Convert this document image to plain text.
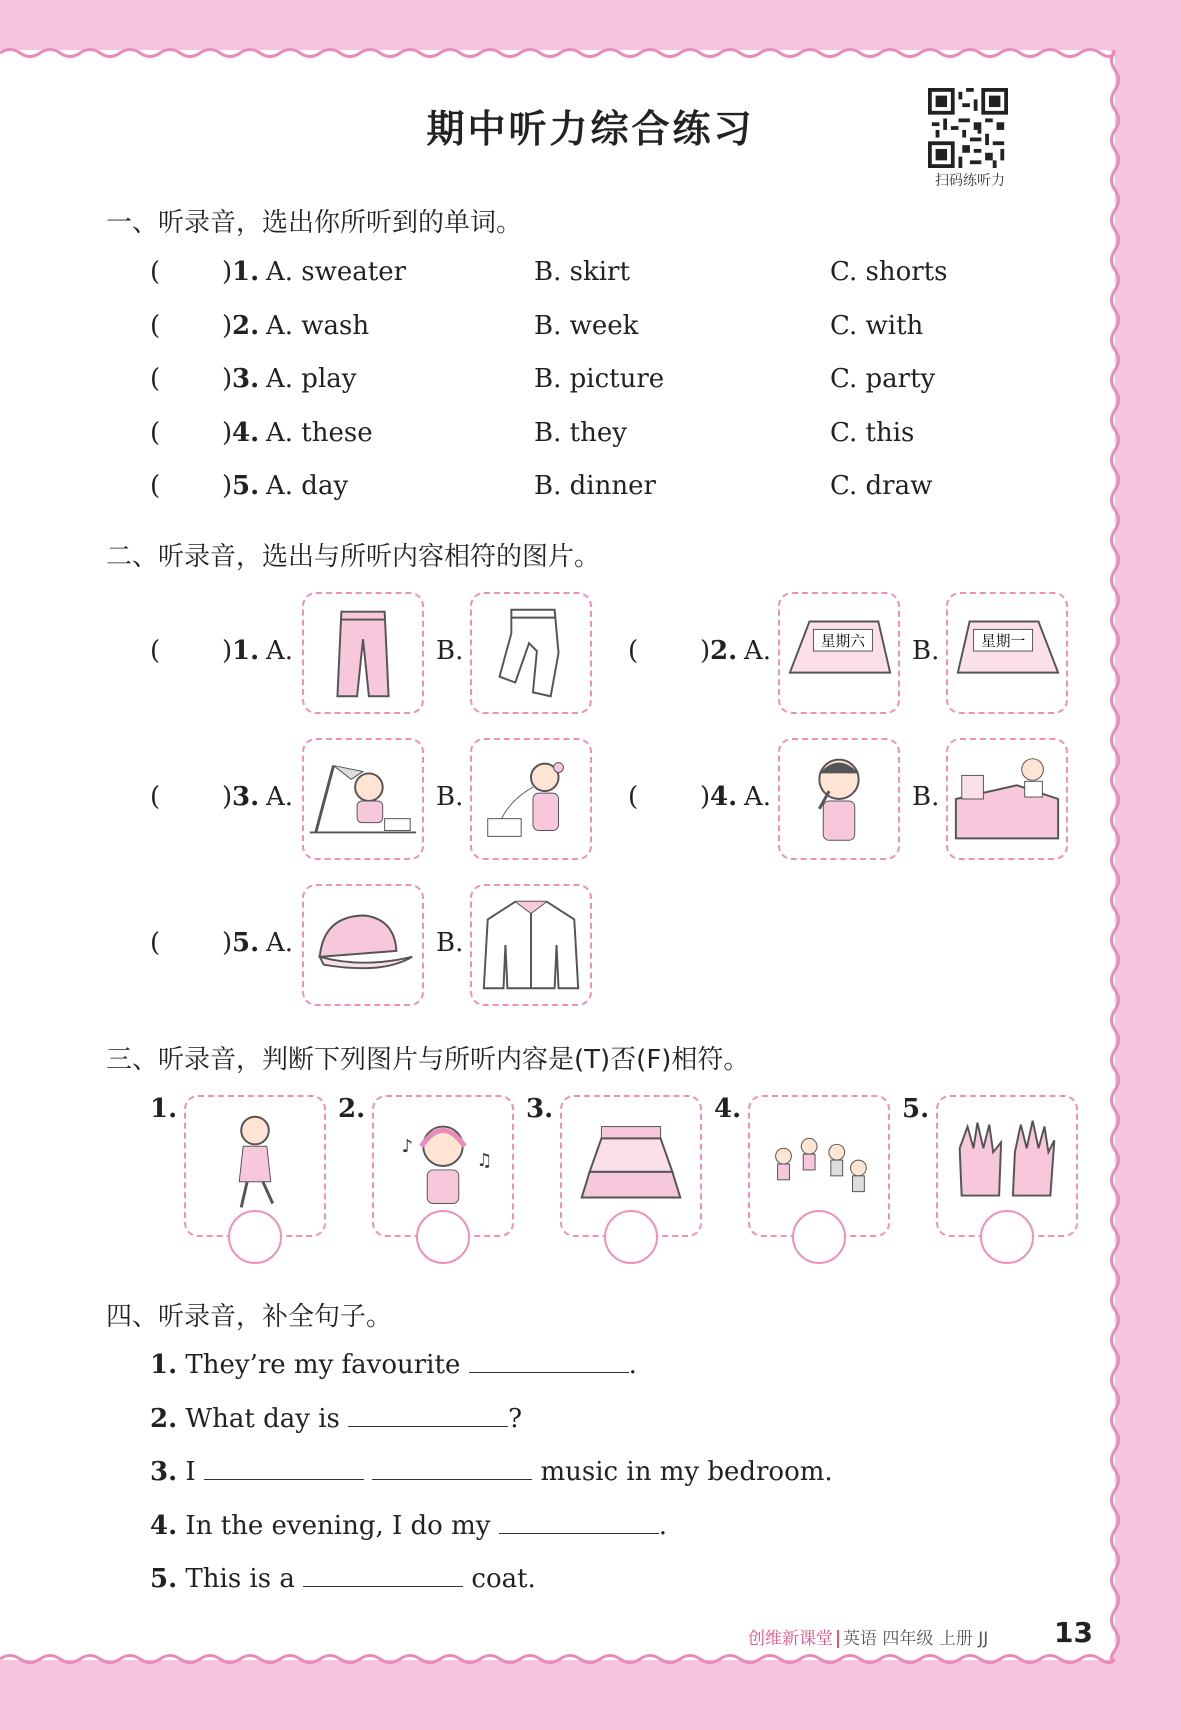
期中听力综合练习
扫码练听力
一、听录音，选出你所听到的单词。
( ) 1. A. sweater	B. skirt	C. shorts
( ) 2. A. wash	B. week	C. with
( ) 3. A. play	B. picture	C. party
( ) 4. A. these	B. they	C. this
( ) 5. A. day	B. dinner	C. draw
二、听录音，选出与所听内容相符的图片。
( ) 1. A.	B.	( ) 2. A.	星期六 B.	星期一
( ) 3. A.	B.	( ) 4. A.	B.
( ) 5. A.	B.
三、听录音，判断下列图片与所听内容是(T)否(F)相符。
1.	2.
♪
♫
3.	4.	5.
四、听录音，补全句子。
1. They’re my favourite	.
2. What day is	?
3. I	music in my bedroom.
4. In the evening, I do my	.
5. This is a	coat.
创维新课堂 英语 四年级 上册 JJ 13
